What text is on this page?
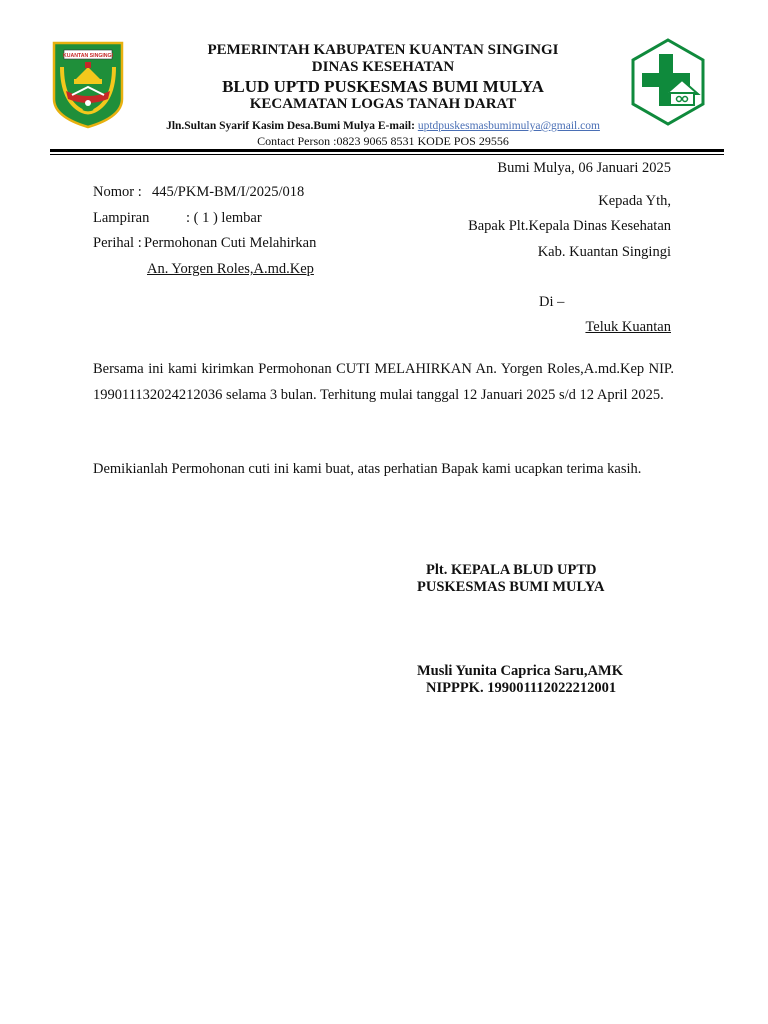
KUANTAN SINGINGI	PEMERINTAH KABUPATEN KUANTAN SINGINGI
DINAS KESEHATAN
BLUD UPTD PUSKESMAS BUMI MULYA
KECAMATAN LOGAS TANAH DARAT
Jln.Sultan Syarif Kasim Desa.Bumi Mulya E-mail: uptdpuskesmasbumimulya@gmail.com
Contact Person :0823 9065 8531 KODE POS 29556
Bumi Mulya, 06 Januari 2025
Kepada Yth,
Bapak Plt.Kepala Dinas Kesehatan
Kab. Kuantan Singingi
Di –
Teluk Kuantan
Nomor : 445/PKM-BM/I/2025/018
Lampiran	: ( 1 ) lembar
Perihal : Permohonan Cuti Melahirkan
An. Yorgen Roles,A.md.Kep
Bersama ini kami kirimkan Permohonan CUTI MELAHIRKAN An. Yorgen Roles,A.md.Kep NIP. 199011132024212036 selama 3 bulan. Terhitung mulai tanggal 12 Januari 2025 s/d 12 April 2025.
Demikianlah Permohonan cuti ini kami buat, atas perhatian Bapak kami ucapkan terima kasih.
Plt. KEPALA BLUD UPTD
PUSKESMAS BUMI MULYA
Musli Yunita Caprica Saru,AMK
NIPPPK. 199001112022212001
